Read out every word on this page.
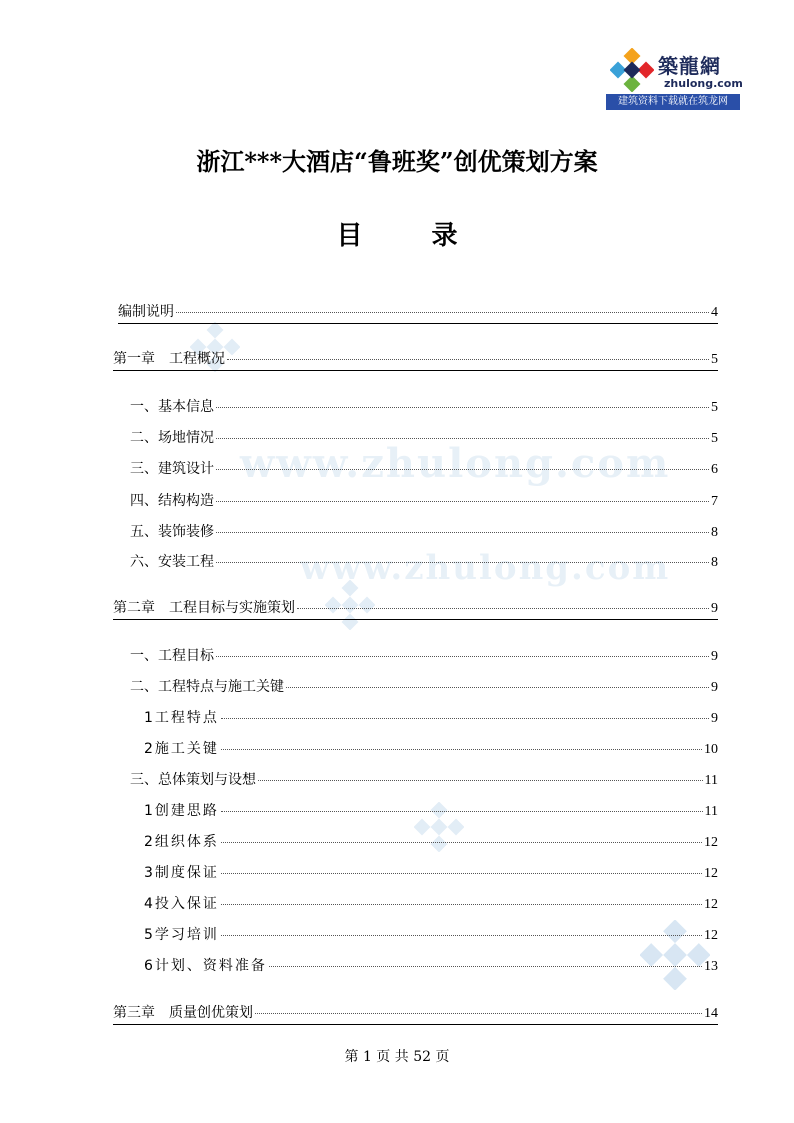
築龍網
zhulong.com
建筑资料下载就在筑龙网
www.zhulong.com
www.zhulong.com
浙江***大酒店“鲁班奖”创优策划方案
目 录
编制说明	4
第一章　工程概况	5
一、基本信息	5
二、场地情况	5
三、建筑设计	6
四、结构构造	7
五、装饰装修	8
六、安装工程	8
第二章　工程目标与实施策划	9
一、工程目标	9
二、工程特点与施工关键	9
1工程特点	9
2施工关键	10
三、总体策划与设想	11
1创建思路	11
2组织体系	12
3制度保证	12
4投入保证	12
5学习培训	12
6计划、资料准备	13
第三章　质量创优策划	14
第 1 页 共 52 页
